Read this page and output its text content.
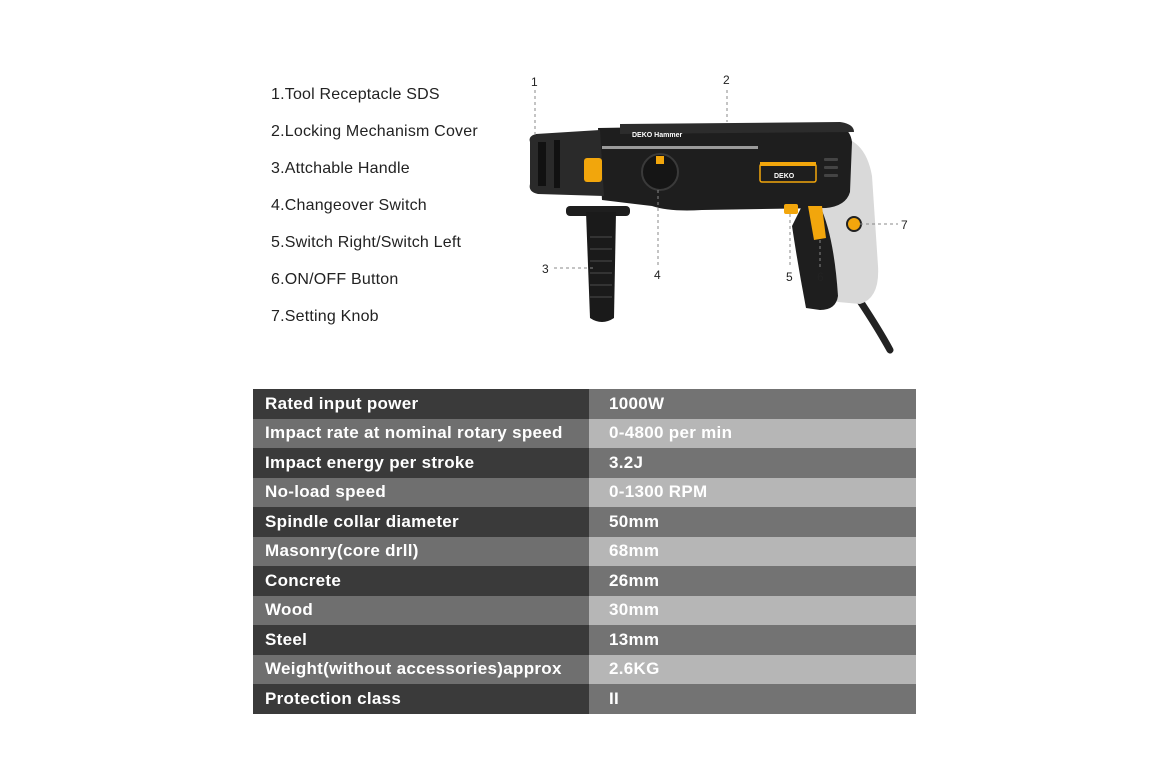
1.Tool Receptacle SDS
2.Locking Mechanism Cover
3.Attchable Handle
4.Changeover Switch
5.Switch Right/Switch Left
6.ON/OFF Button
7.Setting Knob
DEKO Hammer
DEKO
1	2
3	4	5 6
7
Rated input power	1000W
Impact rate at nominal rotary speed	0-4800 per min
Impact energy per stroke	3.2J
No-load speed	0-1300 RPM
Spindle collar diameter	50mm
Masonry(core drll)	68mm
Concrete	26mm
Wood	30mm
Steel	13mm
Weight(without accessories)approx	2.6KG
Protection class	II
